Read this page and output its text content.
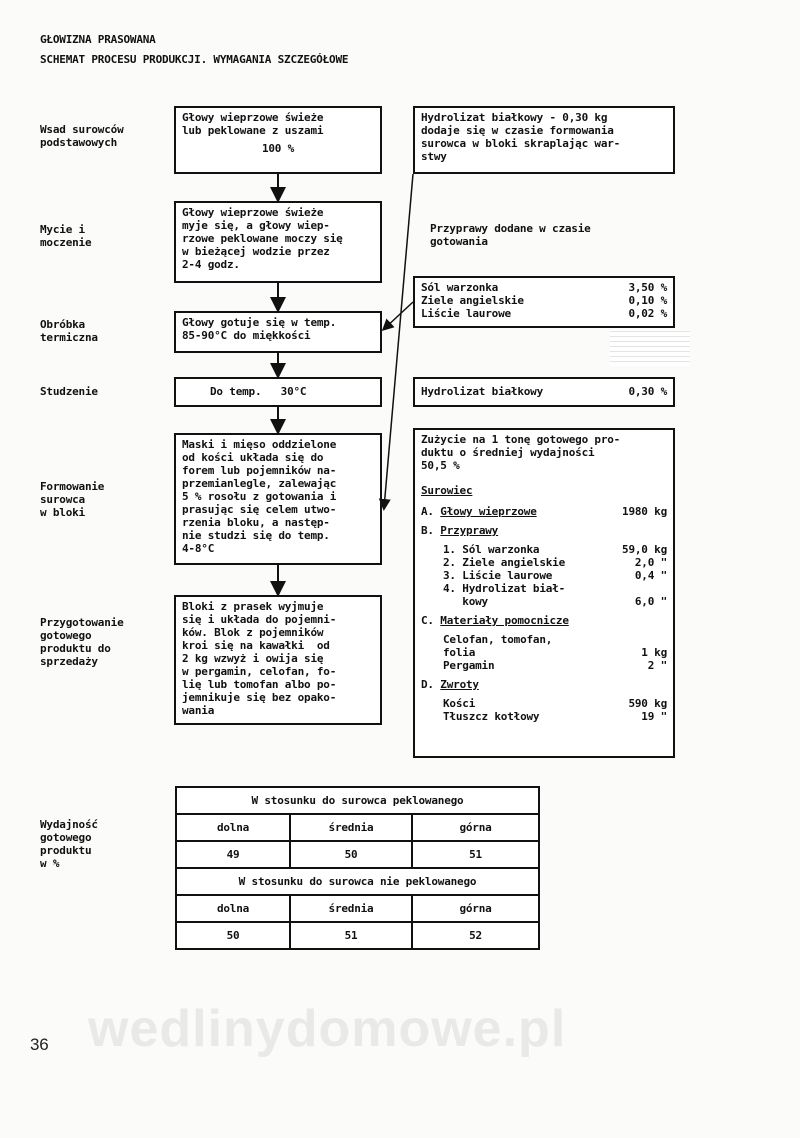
GŁOWIZNA PRASOWANA
SCHEMAT PROCESU PRODUKCJI. WYMAGANIA SZCZEGÓŁOWE
Wsad surowców
podstawowych
Mycie i
moczenie
Obróbka
termiczna
Studzenie
Formowanie
surowca
w bloki
Przygotowanie
gotowego
produktu do
sprzedaży
Głowy wieprzowe świeże
lub peklowane z uszami
100 %
Głowy wieprzowe świeże
myje się, a głowy wiep-
rzowe peklowane moczy się
w bieżącej wodzie przez
2-4 godz.
Głowy gotuje się w temp.
85-90°C do miękkości
Do temp.   30°C
Maski i mięso oddzielone
od kości układa się do
forem lub pojemników na-
przemianlegle, zalewając
5 % rosołu z gotowania i
prasując się celem utwo-
rzenia bloku, a następ-
nie studzi się do temp.
4-8°C
Bloki z prasek wyjmuje
się i układa do pojemni-
ków. Blok z pojemników
kroi się na kawałki  od
2 kg wzwyż i owija się
w pergamin, celofan, fo-
lię lub tomofan albo po-
jemnikuje się bez opako-
wania
Hydrolizat białkowy - 0,30 kg
dodaje się w czasie formowania
surowca w bloki skraplając war-
stwy
Przyprawy dodane w czasie
gotowania
Sól warzonka	3,50 %
Ziele angielskie	0,10 %
Liście laurowe	0,02 %
Hydrolizat białkowy	0,30 %
Zużycie na 1 tonę gotowego pro-
duktu o średniej wydajności
50,5 %
Surowiec
A. Głowy wieprzowe	1980 kg
B. Przyprawy
1. Sól warzonka	59,0 kg
2. Ziele angielskie	2,0 "
3. Liście laurowe	0,4 "
4. Hydrolizat biał-
kowy	6,0 "
C. Materiały pomocnicze
Celofan, tomofan,
folia	1 kg
Pergamin	2 "
D. Zwroty
Kości	590 kg
Tłuszcz kotłowy	19 "
Wydajność
gotowego
produktu
w %
W stosunku do surowca peklowanego		
dolna	średnia	górna
49	50	51
W stosunku do surowca nie peklowanego		
dolna	średnia	górna
50	51	52
36 wedlinydomowe.pl
